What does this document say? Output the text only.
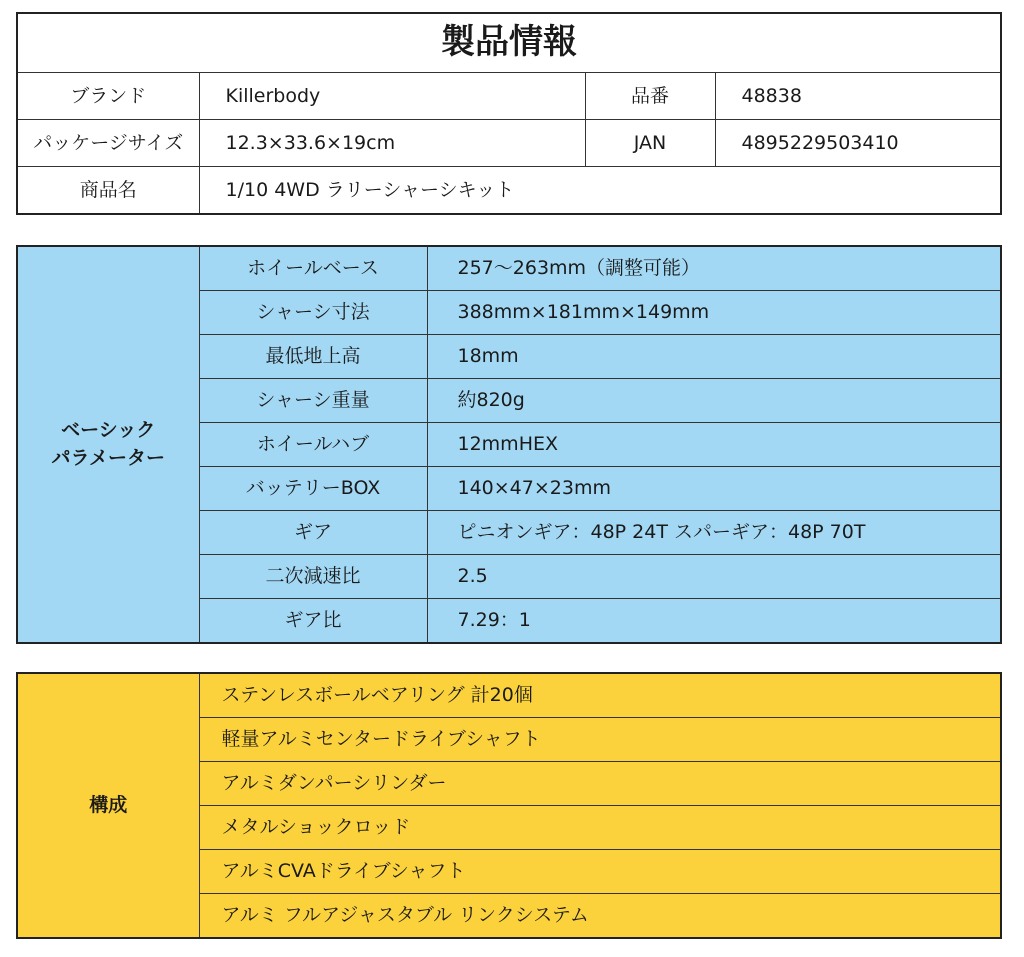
製品情報			
ブランド	Killerbody	品番	48838
パッケージサイズ	12.3×33.6×19cm	JAN	4895229503410
商品名	1/10 4WD ラリーシャーシキット		
ベーシック
パラメーター	ホイールベース	257～263mm（調整可能）
	シャーシ寸法	388mm×181mm×149mm
	最低地上高	18mm
	シャーシ重量	約820g
	ホイールハブ	12mmHEX
	バッテリーBOX	140×47×23mm
	ギア	ピニオンギア：48P 24T スパーギア：48P 70T
	二次減速比	2.5
	ギア比	7.29：1
構成	ステンレスボールベアリング 計20個
軽量アルミセンタードライブシャフト
アルミダンパーシリンダー
メタルショックロッド
アルミCVAドライブシャフト
アルミ フルアジャスタブル リンクシステム
